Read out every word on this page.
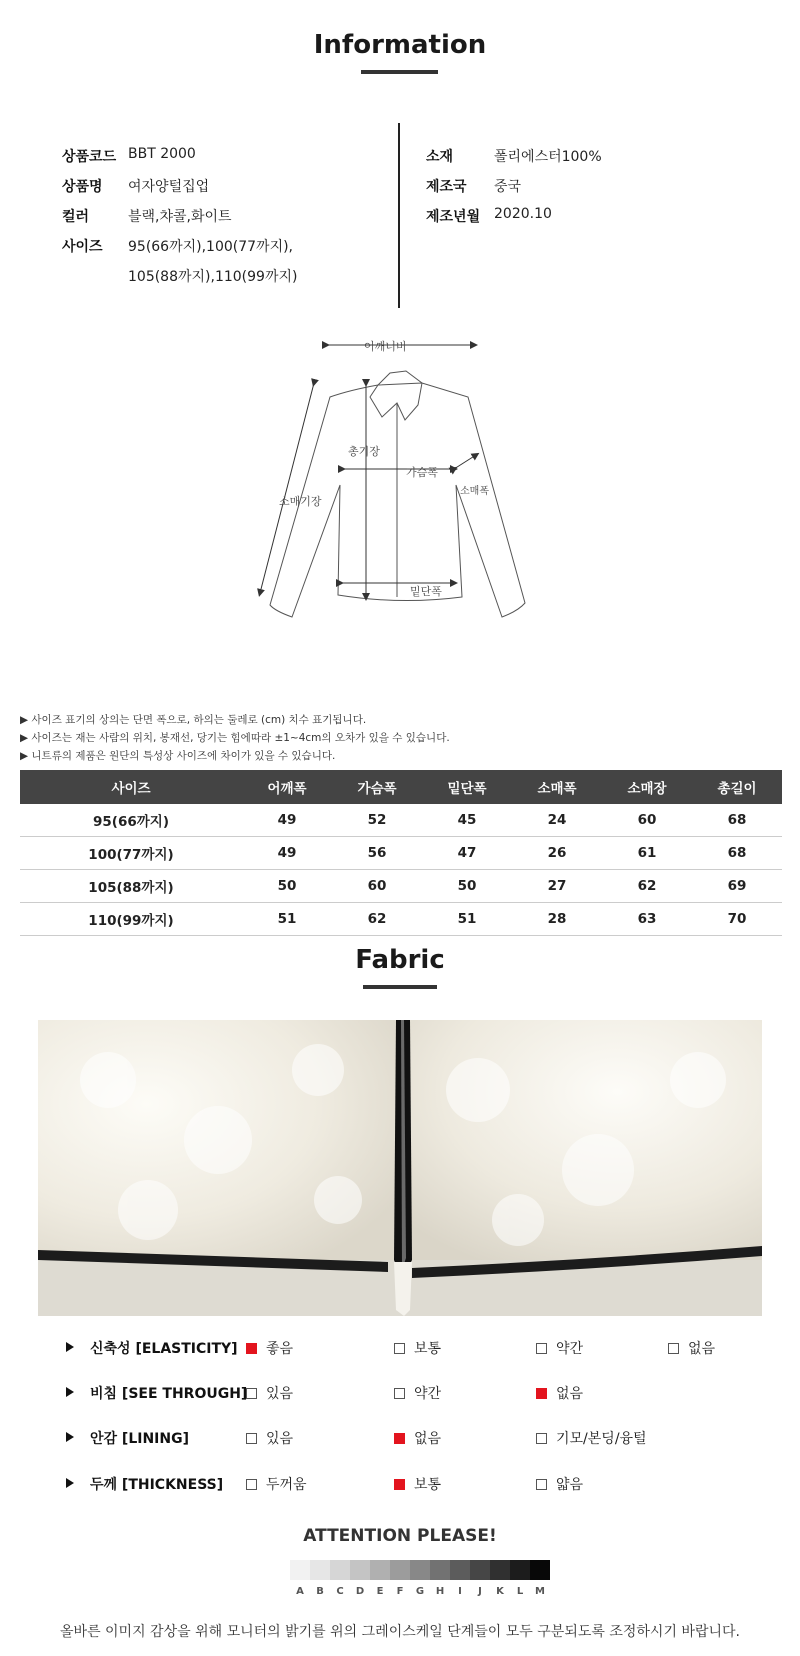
Information
상품코드 BBT 2000
상품명 여자양털집업
컬러	블랙,챠콜,화이트
사이즈 95(66까지),100(77까지),
105(88까지),110(99까지)
소재	폴리에스터100%
제조국 중국
제조년월 2020.10
어깨너비
총기장
가슴폭
소매폭
소매기장
밑단폭
▶ 사이즈 표기의 상의는 단면 폭으로, 하의는 둘레로 (cm) 치수 표기됩니다.
▶ 사이즈는 재는 사람의 위치, 봉재선, 당기는 힘에따라 ±1~4cm의 오차가 있을 수 있습니다.
▶ 니트류의 제품은 원단의 특성상 사이즈에 차이가 있을 수 있습니다.
사이즈	어깨폭	가슴폭	밑단폭	소매폭	소매장	총길이
95(66까지)	49	52	45	24	60	68
100(77까지)	49	56	47	26	61	68
105(88까지)	50	60	50	27	62	69
110(99까지)	51	62	51	28	63	70
Fabric
신축성 [ELASTICITY] 좋음	보통	약간	없음
비침 [SEE THROUGH] 있음	약간	없음
안감 [LINING]	있음	없음	기모/본딩/융털
두께 [THICKNESS]	두꺼움	보통	얇음
ATTENTION PLEASE!
A	B	C	D	E	F	G	H	I	J	K	L	M
올바른 이미지 감상을 위해 모니터의 밝기를 위의 그레이스케일 단계들이 모두 구분되도록 조정하시기 바랍니다.
